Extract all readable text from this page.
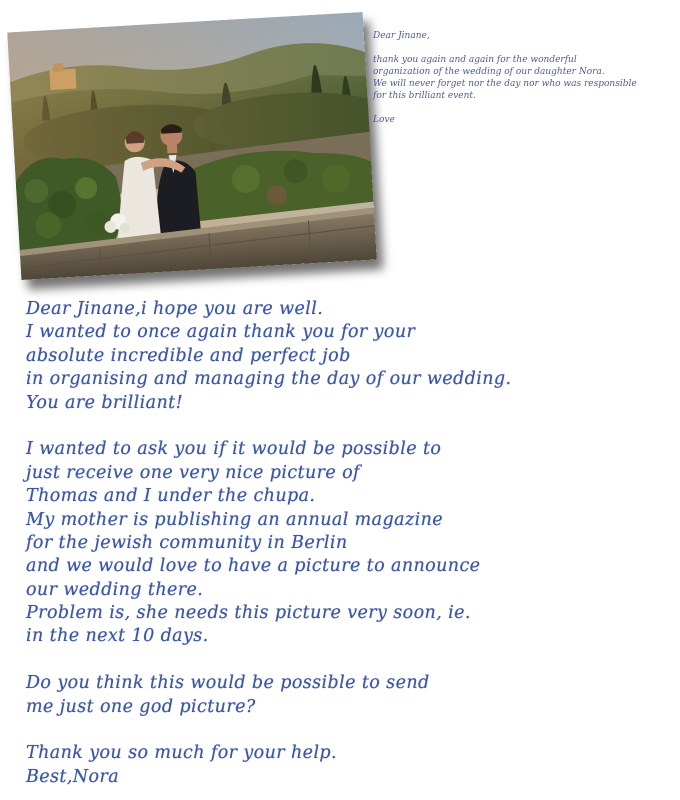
Dear Jinane,

thank you again and again for the wonderful

organization of the wedding of our daughter Nora.

We will never forget nor the day nor who was responsible

for this brilliant event.

Love

Dear Jinane,i hope you are well.
I wanted to once again thank you for your
absolute incredible and perfect job
in organising and managing the day of our wedding.
You are brilliant!
I wanted to ask you if it would be possible to
just receive one very nice picture of
Thomas and I under the chupa.
My mother is publishing an annual magazine
for the jewish community in Berlin
and we would love to have a picture to announce
our wedding there.
Problem is, she needs this picture very soon, ie.
in the next 10 days.
Do you think this would be possible to send
me just one god picture?
Thank you so much for your help.
Best,Nora
